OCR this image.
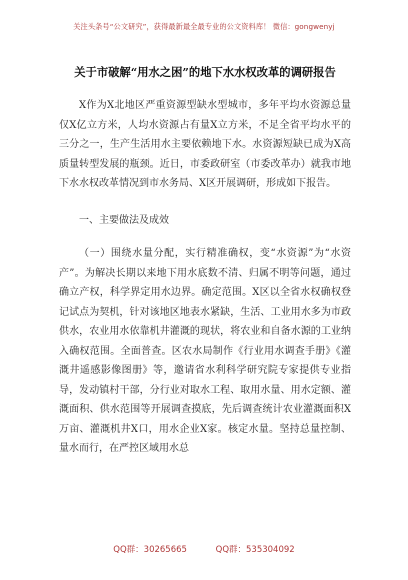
关注头条号“公文研究”，获得最新最全最专业的公文资料库！ 微信：gongwenyj
关于市破解“用水之困”的地下水水权改革的调研报告

X作为X北地区严重资源型缺水型城市，多年平均水资源总量仅X亿立方米，人均水资源占有量X立方米，不足全省平均水平的三分之一，生产生活用水主要依赖地下水。水资源短缺已成为X高质量转型发展的瓶颈。近日，市委政研室（市委改革办）就我市地下水水权改革情况到市水务局、X区开展调研，形成如下报告。

一、主要做法及成效

（一）围绕水量分配，实行精准确权，变“水资源”为“水资产”。为解决长期以来地下用水底数不清、归属不明等问题，通过确立产权，科学界定用水边界。确定范围。X区以全省水权确权登记试点为契机，针对该地区地表水紧缺，生活、工业用水多为市政供水，农业用水依靠机井灌溉的现状，将农业和自备水源的工业纳入确权范围。全面普查。区农水局制作《行业用水调查手册》《灌溉井遥感影像图册》等，邀请省水利科学研究院专家提供专业指导，发动镇村干部，分行业对取水工程、取用水量、用水定额、灌溉面积、供水范围等开展调查摸底，先后调查统计农业灌溉面积X万亩、灌溉机井X口，用水企业X家。核定水量。坚持总量控制、量水而行，在严控区域用水总

QQ群：30265665	QQ群：535304092
